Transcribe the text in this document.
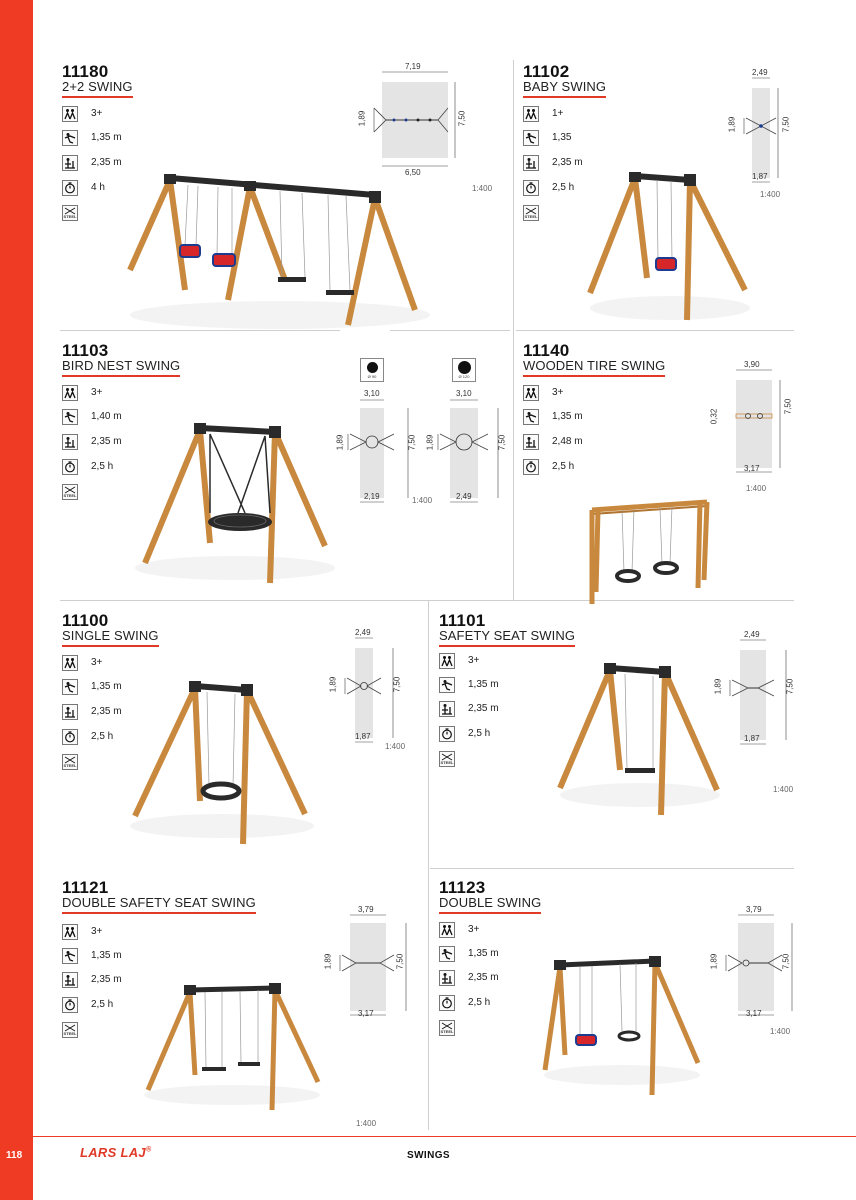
11180
2+2 SWING
3+
1,35 m
2,35 m
4 h
STEEL
7,19
6,50
1,89	7,50
1:400
11102
BABY SWING
1+
1,35
2,35 m
2,5 h
STEEL
2,49
1,87
1,89	7,50
1:400
11103
BIRD NEST SWING
3+
1,40 m
2,35 m
2,5 h
STEEL
Ø 90
3,10
2,19
1,89	7,50
1:400
Ø 120
3,10
2,49
1,89	7,50
11140
WOODEN TIRE SWING
3+
1,35 m
2,48 m
2,5 h
3,90
3,17
0,32
7,50
1:400
11100
SINGLE SWING
3+
1,35 m
2,35 m
2,5 h
STEEL
2,49
1,87
1,89	7,50
1:400
11101
SAFETY SEAT SWING
3+
1,35 m
2,35 m
2,5 h
STEEL
2,49
1,87
1,89	7,50
1:400
11121
DOUBLE SAFETY SEAT SWING
3+
1,35 m
2,35 m
2,5 h
STEEL
3,79
3,17
1,89	7,50
1:400
11123
DOUBLE SWING
3+
1,35 m
2,35 m
2,5 h
STEEL
3,79
3,17
1,89	7,50
1:400
118	LARS LAJ®	SWINGS
